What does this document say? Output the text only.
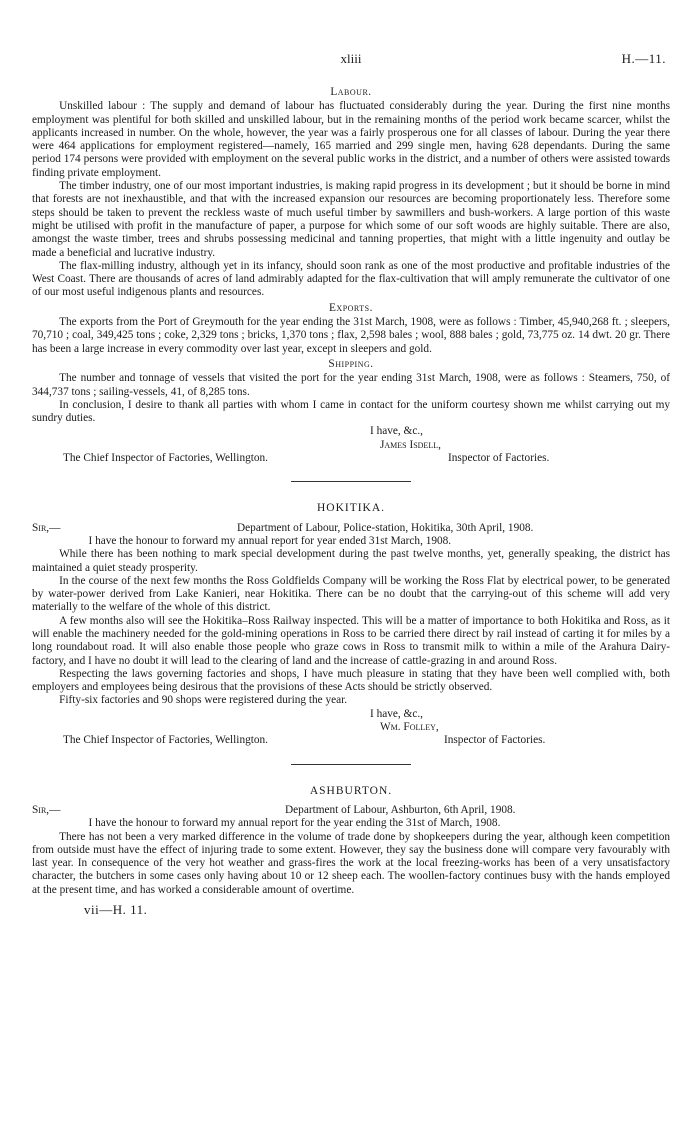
xliii	H.—11.
Labour.

Unskilled labour : The supply and demand of labour has fluctuated considerably during the year. During the first nine months employment was plentiful for both skilled and unskilled labour, but in the remaining months of the period work became scarcer, whilst the applicants increased in number. On the whole, however, the year was a fairly prosperous one for all classes of labour. During the year there were 464 applications for employment registered—namely, 165 married and 299 single men, having 628 dependants. During the same period 174 persons were provided with employment on the several public works in the district, and a number of others were assisted towards finding private employment.

The timber industry, one of our most important industries, is making rapid progress in its development ; but it should be borne in mind that forests are not inexhaustible, and that with the increased expansion our resources are becoming proportionately less. Therefore some steps should be taken to prevent the reckless waste of much useful timber by sawmillers and bush-workers. A large portion of this waste might be utilised with profit in the manufacture of paper, a purpose for which some of our soft woods are highly suitable. There are also, amongst the waste timber, trees and shrubs possessing medicinal and tanning properties, that might with a little ingenuity and outlay be made a beneficial and lucrative industry.

The flax-milling industry, although yet in its infancy, should soon rank as one of the most productive and profitable industries of the West Coast. There are thousands of acres of land admirably adapted for the flax-cultivation that will amply remunerate the cultivator of one of our most useful indigenous plants and resources.

Exports.

The exports from the Port of Greymouth for the year ending the 31st March, 1908, were as follows : Timber, 45,940,268 ft. ; sleepers, 70,710 ; coal, 349,425 tons ; coke, 2,329 tons ; bricks, 1,370 tons ; flax, 2,598 bales ; wool, 888 bales ; gold, 73,775 oz. 14 dwt. 20 gr. There has been a large increase in every commodity over last year, except in sleepers and gold.

Shipping.

The number and tonnage of vessels that visited the port for the year ending 31st March, 1908, were as follows : Steamers, 750, of 344,737 tons ; sailing-vessels, 41, of 8,285 tons.

In conclusion, I desire to thank all parties with whom I came in contact for the uniform courtesy shown me whilst carrying out my sundry duties.

I have, &c.,
James Isdell,
The Chief Inspector of Factories, Wellington.	Inspector of Factories.
HOKITIKA.
Sir,—	Department of Labour, Police-station, Hokitika, 30th April, 1908.

I have the honour to forward my annual report for year ended 31st March, 1908.

While there has been nothing to mark special development during the past twelve months, yet, generally speaking, the district has maintained a quiet steady prosperity.

In the course of the next few months the Ross Goldfields Company will be working the Ross Flat by electrical power, to be generated by water-power derived from Lake Kanieri, near Hokitika. There can be no doubt that the carrying-out of this scheme will add very materially to the welfare of the whole of this district.

A few months also will see the Hokitika–Ross Railway inspected. This will be a matter of importance to both Hokitika and Ross, as it will enable the machinery needed for the gold-mining operations in Ross to be carried there direct by rail instead of carting it for miles by a long roundabout road. It will also enable those people who graze cows in Ross to transmit milk to within a mile of the Arahura Dairy-factory, and I have no doubt it will lead to the clearing of land and the increase of cattle-grazing in and around Ross.

Respecting the laws governing factories and shops, I have much pleasure in stating that they have been well complied with, both employers and employees being desirous that the provisions of these Acts should be strictly observed.

Fifty-six factories and 90 shops were registered during the year.

I have, &c.,
Wm. Folley,
The Chief Inspector of Factories, Wellington.	Inspector of Factories.
ASHBURTON.
Sir,—	Department of Labour, Ashburton, 6th April, 1908.

I have the honour to forward my annual report for the year ending the 31st of March, 1908.

There has not been a very marked difference in the volume of trade done by shopkeepers during the year, although keen competition from outside must have the effect of injuring trade to some extent. However, they say the business done will compare very favourably with last year. In consequence of the very hot weather and grass-fires the work at the local freezing-works has been of a very unsatisfactory character, the butchers in some cases only having about 10 or 12 sheep each. The woollen-factory continues busy with the hands employed at the present time, and has worked a considerable amount of overtime.

vii—H. 11.
